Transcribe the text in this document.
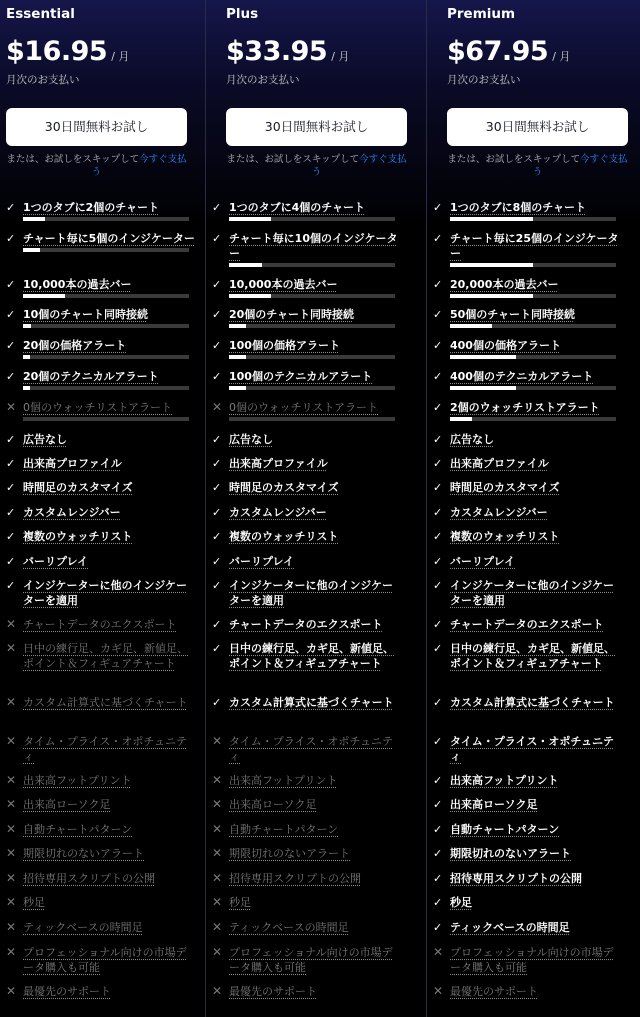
Essential
$16.95 / 月
月次のお支払い
30日間無料お試し
または、お試しをスキップして今すぐ支払う
✓ 1つのタブに2個のチャート
✓ チャート毎に5個のインジケーター
✓ 10,000本の過去バー
✓ 10個のチャート同時接続
✓ 20個の価格アラート
✓ 20個のテクニカルアラート
✕ 0個のウォッチリストアラート
✓ 広告なし
✓ 出来高プロファイル
✓ 時間足のカスタマイズ
✓ カスタムレンジバー
✓ 複数のウォッチリスト
✓ バーリプレイ
✓ インジケーターに他のインジケーターを適用
✕ チャートデータのエクスポート
✕ 日中の練行足、カギ足、新値足、ポイント＆フィギュアチャート
✕ カスタム計算式に基づくチャート
✕ タイム・プライス・オポチュニティ
✕ 出来高フットプリント
✕ 出来高ローソク足
✕ 自動チャートパターン
✕ 期限切れのないアラート
✕ 招待専用スクリプトの公開
✕ 秒足
✕ ティックベースの時間足
✕ プロフェッショナル向けの市場データ購入も可能
✕ 最優先のサポート
Plus
$33.95 / 月
月次のお支払い
30日間無料お試し
または、お試しをスキップして今すぐ支払う
✓ 1つのタブに4個のチャート
✓ チャート毎に10個のインジケーター
✓ 10,000本の過去バー
✓ 20個のチャート同時接続
✓ 100個の価格アラート
✓ 100個のテクニカルアラート
✕ 0個のウォッチリストアラート
✓ 広告なし
✓ 出来高プロファイル
✓ 時間足のカスタマイズ
✓ カスタムレンジバー
✓ 複数のウォッチリスト
✓ バーリプレイ
✓ インジケーターに他のインジケーターを適用
✓ チャートデータのエクスポート
✓ 日中の練行足、カギ足、新値足、ポイント＆フィギュアチャート
✓ カスタム計算式に基づくチャート
✕ タイム・プライス・オポチュニティ
✕ 出来高フットプリント
✕ 出来高ローソク足
✕ 自動チャートパターン
✕ 期限切れのないアラート
✕ 招待専用スクリプトの公開
✕ 秒足
✕ ティックベースの時間足
✕ プロフェッショナル向けの市場データ購入も可能
✕ 最優先のサポート
Premium
$67.95 / 月
月次のお支払い
30日間無料お試し
または、お試しをスキップして今すぐ支払う
✓ 1つのタブに8個のチャート
✓ チャート毎に25個のインジケーター
✓ 20,000本の過去バー
✓ 50個のチャート同時接続
✓ 400個の価格アラート
✓ 400個のテクニカルアラート
✓ 2個のウォッチリストアラート
✓ 広告なし
✓ 出来高プロファイル
✓ 時間足のカスタマイズ
✓ カスタムレンジバー
✓ 複数のウォッチリスト
✓ バーリプレイ
✓ インジケーターに他のインジケーターを適用
✓ チャートデータのエクスポート
✓ 日中の練行足、カギ足、新値足、ポイント＆フィギュアチャート
✓ カスタム計算式に基づくチャート
✓ タイム・プライス・オポチュニティ
✓ 出来高フットプリント
✓ 出来高ローソク足
✓ 自動チャートパターン
✓ 期限切れのないアラート
✓ 招待専用スクリプトの公開
✓ 秒足
✓ ティックベースの時間足
✕ プロフェッショナル向けの市場データ購入も可能
✕ 最優先のサポート
